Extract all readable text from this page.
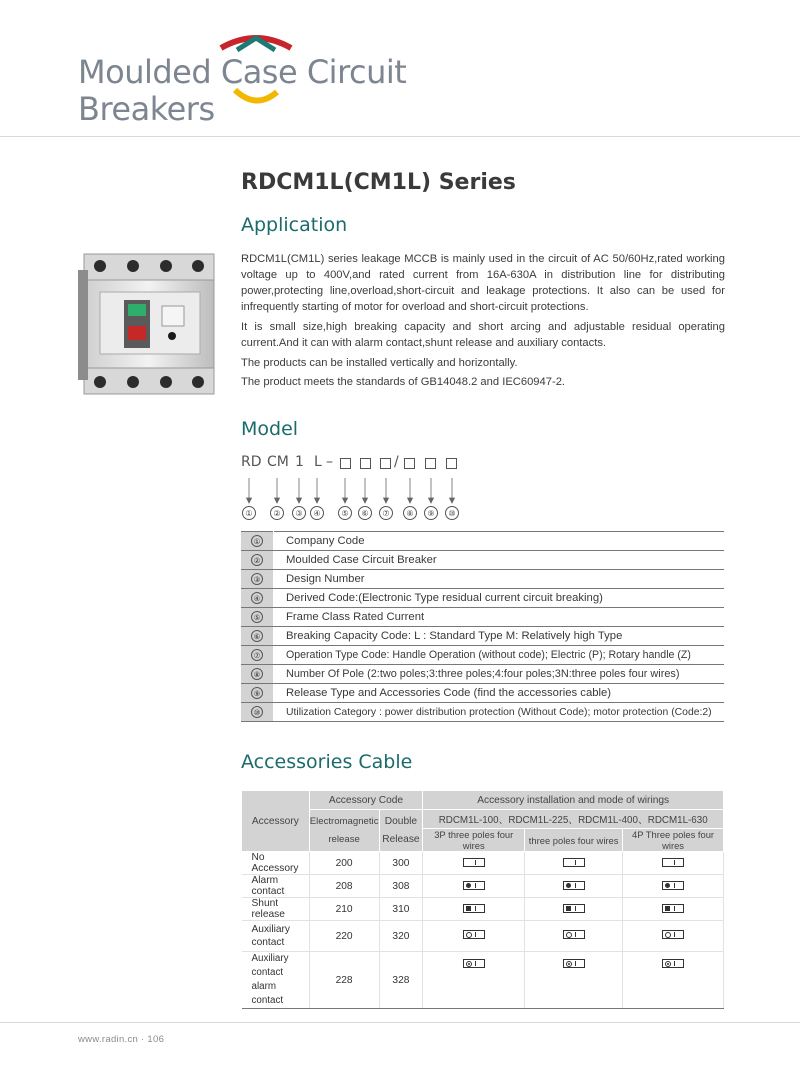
Moulded Case Circuit
Breakers
RDCM1L(CM1L) Series
Application

RDCM1L(CM1L) series leakage MCCB is mainly used in the circuit of AC 50/60Hz,rated working voltage up to 400V,and rated current from 16A-630A in distribution line for distributing power,protecting line,overload,short-circuit and leakage protections. It also can be used for infrequently starting of motor for overload and short-circuit protections.

It is small size,high breaking capacity and short arcing and adjustable residual operating current.And it can with alarm contact,shunt release and auxiliary contacts.

The products can be installed vertically and horizontally.

The product meets the standards of GB14048.2 and IEC60947-2.

Model
RD CM 1 L –	/
①	②	③	④	⑤	⑥	⑦	⑧	⑨	⑩
①	Company Code
②	Moulded Case Circuit Breaker
③	Design Number
④	Derived Code:(Electronic Type residual current circuit breaking)
⑤	Frame Class Rated Current
⑥	Breaking Capacity Code: L : Standard Type M: Relatively high Type
⑦	Operation Type Code: Handle Operation (without code); Electric (P); Rotary handle (Z)
⑧	Number Of Pole (2:two poles;3:three poles;4:four poles;3N:three poles four wires)
⑨	Release Type and Accessories Code (find the accessories cable)
⑩	Utilization Category : power distribution protection (Without Code); motor protection (Code:2)
Accessories Cable
Accessory	Accessory Code		Accessory installation and mode of wirings		
	Electromagnetic release	Double Release	RDCM1L-100、RDCM1L-225、RDCM1L-400、RDCM1L-630		
			3P three poles four wires	three poles four wires	4P Three poles four wires
No Accessory	200	300			
Alarm contact	208	308	

Shunt release	210	310	

Auxiliary contact	220	320	

Auxiliary contact alarm contact	228	328	

www.radin.cn · 106
